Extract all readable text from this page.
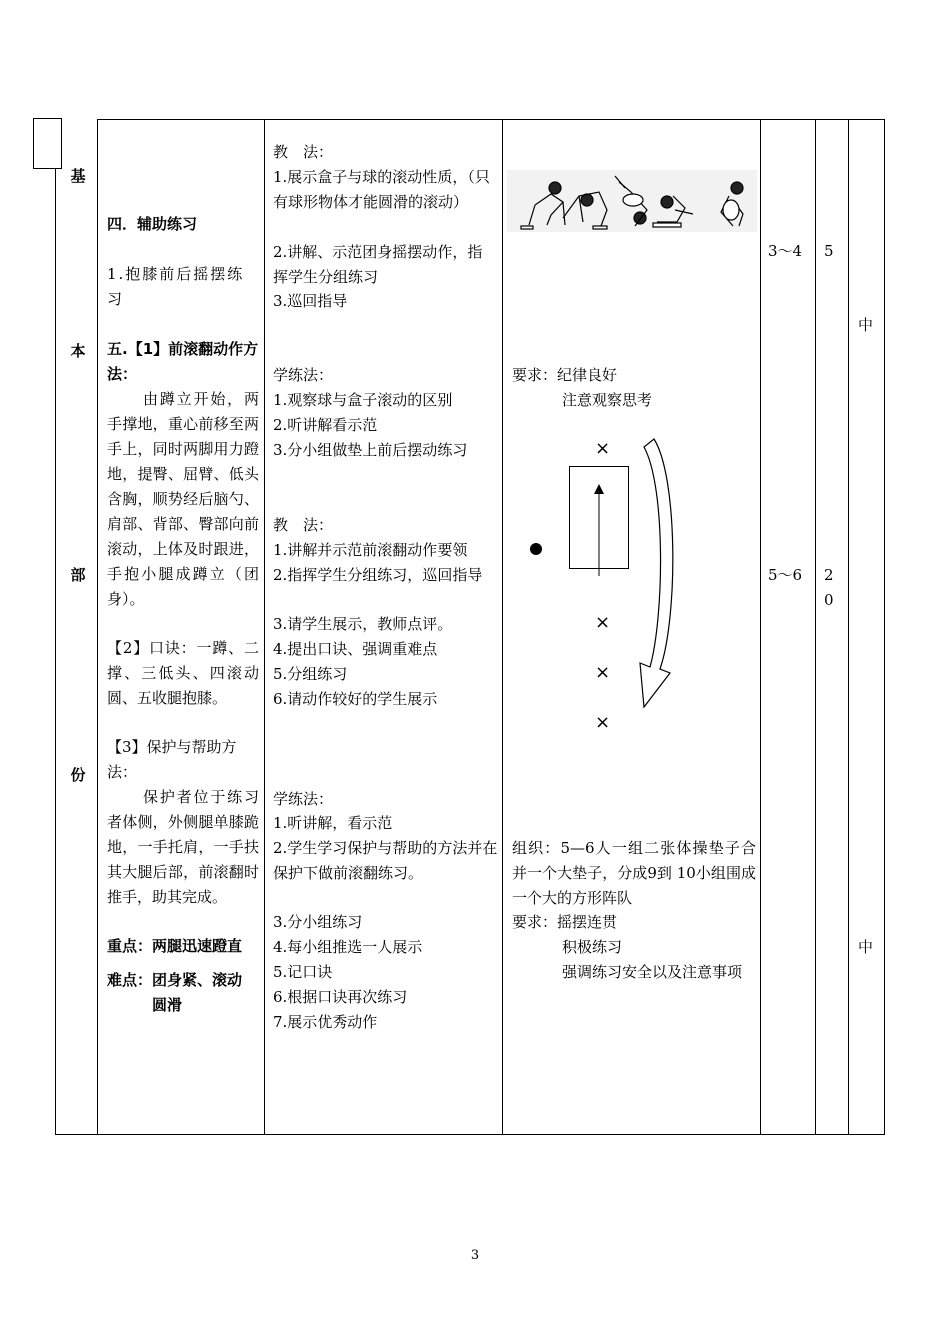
基
本
部
份
四．辅助练习
1.抱膝前后摇摆练习
五.【1】前滚翻动作方法：
由蹲立开始，两手撑地，重心前移至两手上，同时两脚用力蹬地，提臀、屈臂、低头含胸，顺势经后脑勺、肩部、背部、臀部向前滚动，上体及时跟进，手抱小腿成蹲立（团身）。
【2】口诀：一蹲、二撑、三低头、四滚动圆、五收腿抱膝。
【3】保护与帮助方法：
保护者位于练习者体侧，外侧腿单膝跪地，一手托肩，一手扶其大腿后部，前滚翻时推手，助其完成。
重点：两腿迅速蹬直
难点：团身紧、滚动圆滑
教　法：
1.展示盒子与球的滚动性质，（只有球形物体才能圆滑的滚动）
2.讲解、示范团身摇摆动作，指挥学生分组练习
3.巡回指导
学练法：
1.观察球与盒子滚动的区别
2.听讲解看示范
3.分小组做垫上前后摆动练习
教　法：
1.讲解并示范前滚翻动作要领
2.指挥学生分组练习，巡回指导
3.请学生展示，教师点评。
4.提出口诀、强调重难点
5.分组练习
6.请动作较好的学生展示
学练法：
1.听讲解，看示范
2.学生学习保护与帮助的方法并在保护下做前滚翻练习。
3.分小组练习
4.每小组推选一人展示
5.记口诀
6.根据口诀再次练习
7.展示优秀动作
要求：纪律良好
注意观察思考
×
×
×
×
组织：5—6人一组二张体操垫子合并一个大垫子，分成9到 10小组围成一个大的方形阵队
要求：摇摆连贯
积极练习
强调练习安全以及注意事项
3～4
5～6
5
2
0
中
中
3
